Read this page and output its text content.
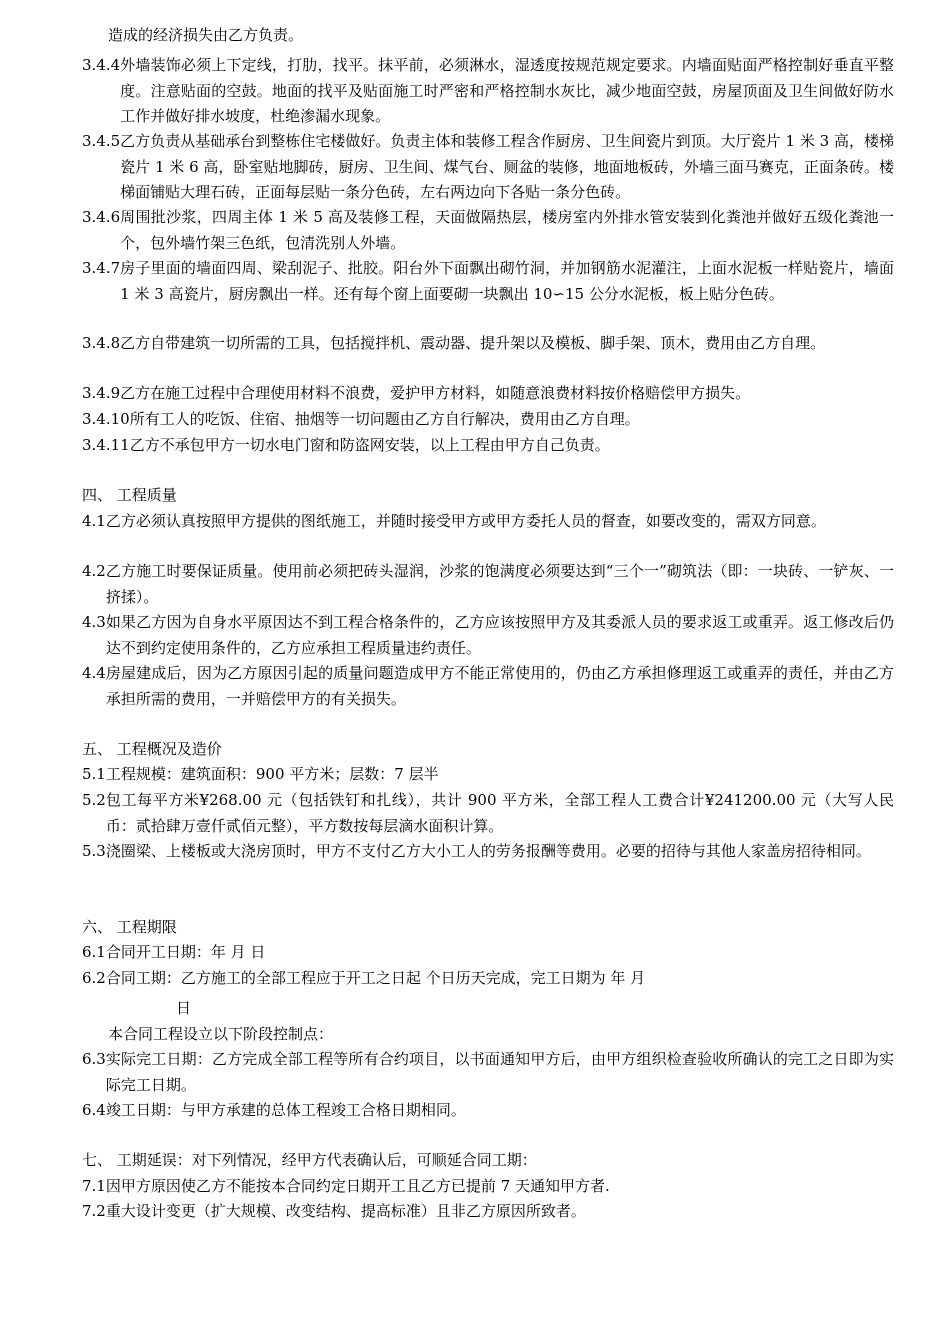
造成的经济损失由乙方负责。
3.4.4 外墙装饰必须上下定线，打肋，找平。抹平前，必须淋水，湿透度按规范规定要求。内墙面贴面严格控制好垂直平整度。注意贴面的空鼓。地面的找平及贴面施工时严密和严格控制水灰比，减少地面空鼓，房屋顶面及卫生间做好防水工作并做好排水坡度，杜绝渗漏水现象。
3.4.5 乙方负责从基础承台到整栋住宅楼做好。负责主体和装修工程含作厨房、卫生间瓷片到顶。大厅瓷片 1 米 3 高，楼梯瓷片 1 米 6 高，卧室贴地脚砖，厨房、卫生间、煤气台、厕盆的装修，地面地板砖，外墙三面马赛克，正面条砖。楼梯面铺贴大理石砖，正面每层贴一条分色砖，左右两边向下各贴一条分色砖。
3.4.6 周围批沙浆，四周主体 1 米 5 高及装修工程，天面做隔热层，楼房室内外排水管安装到化粪池并做好五级化粪池一个，包外墙竹架三色纸，包清洗别人外墙。
3.4.7 房子里面的墙面四周、梁刮泥子、批胶。阳台外下面飘出砌竹洞，并加钢筋水泥灌注，上面水泥板一样贴瓷片，墙面 1 米 3 高瓷片，厨房飘出一样。还有每个窗上面要砌一块飘出 10∽15 公分水泥板，板上贴分色砖。
3.4.8 乙方自带建筑一切所需的工具，包括搅拌机、震动器、提升架以及模板、脚手架、顶木，费用由乙方自理。
3.4.9 乙方在施工过程中合理使用材料不浪费，爱护甲方材料，如随意浪费材料按价格赔偿甲方损失。
3.4.10 所有工人的吃饭、住宿、抽烟等一切问题由乙方自行解决，费用由乙方自理。
3.4.11 乙方不承包甲方一切水电门窗和防盗网安装，以上工程由甲方自己负责。
四、 工程质量
4.1 乙方必须认真按照甲方提供的图纸施工，并随时接受甲方或甲方委托人员的督查，如要改变的，需双方同意。
4.2 乙方施工时要保证质量。使用前必须把砖头湿润，沙浆的饱满度必须要达到“三个一”砌筑法（即：一块砖、一铲灰、一挤揉）。
4.3 如果乙方因为自身水平原因达不到工程合格条件的，乙方应该按照甲方及其委派人员的要求返工或重弄。返工修改后仍达不到约定使用条件的，乙方应承担工程质量违约责任。
4.4 房屋建成后，因为乙方原因引起的质量问题造成甲方不能正常使用的，仍由乙方承担修理返工或重弄的责任，并由乙方承担所需的费用，一并赔偿甲方的有关损失。
五、 工程概况及造价
5.1 工程规模：建筑面积：900 平方米；层数：7 层半
5.2 包工每平方米¥268.00 元（包括铁钉和扎线），共计 900 平方米，全部工程人工费合计¥241200.00 元（大写人民币：贰拾肆万壹仟贰佰元整），平方数按每层滴水面积计算。
5.3 浇圈梁、上楼板或大浇房顶时，甲方不支付乙方大小工人的劳务报酬等费用。必要的招待与其他人家盖房招待相同。
六、 工程期限
6.1 合同开工日期：年 月 日
6.2 合同工期：乙方施工的全部工程应于开工之日起 个日历天完成，完工日期为 年 月
日
本合同工程设立以下阶段控制点：
6.3 实际完工日期：乙方完成全部工程等所有合约项目，以书面通知甲方后，由甲方组织检查验收所确认的完工之日即为实际完工日期。
6.4 竣工日期：与甲方承建的总体工程竣工合格日期相同。
七、 工期延误：对下列情况，经甲方代表确认后，可顺延合同工期：
7.1 因甲方原因使乙方不能按本合同约定日期开工且乙方已提前 7 天通知甲方者.
7.2 重大设计变更（扩大规模、改变结构、提高标准）且非乙方原因所致者。
